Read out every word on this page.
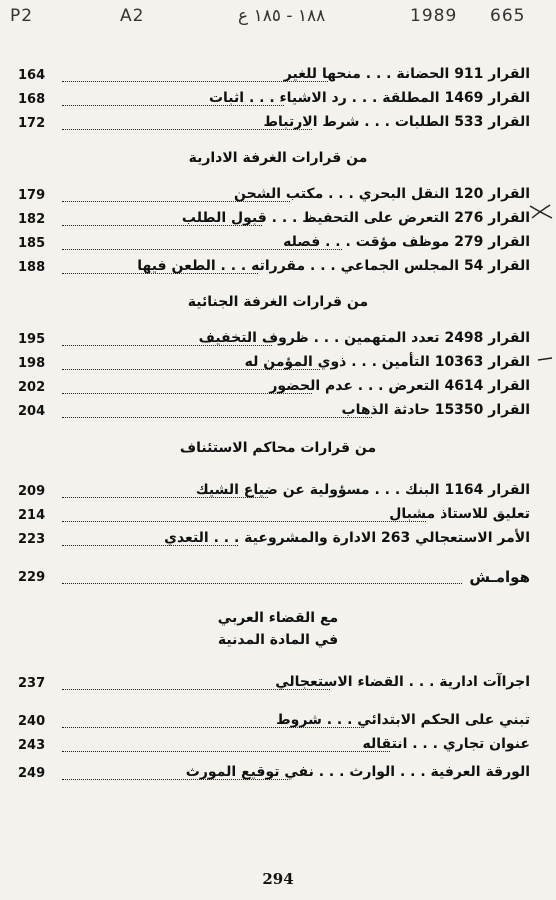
P2	A2	١٨٨ - ١٨٥ ع	1989 665
164	القرار 911 الحضانة . . . منحها للغير
168	القرار 1469 المطلقة . . . رد الاشياء . . . اثبات
172	القرار 533 الطلبات . . . شرط الارتباط
من قرارات الغرفة الادارية
179	القرار 120 النقل البحري . . . مكتب الشحن
182	القرار 276 التعرض على التحفيظ . . . قبول الطلب
185	القرار 279 موظف مؤقت . . . فصله
188	القرار 54 المجلس الجماعي . . . مقرراته . . . الطعن فيها
من قرارات الغرفة الجنائية
195	القرار 2498 تعدد المتهمين . . . ظروف التخفيف
198	القرار 10363 التأمين . . . ذوي المؤمن له
202	القرار 4614 التعرض . . . عدم الحضور
204	القرار 15350 حادثة الذهاب
من قرارات محاكم الاستئناف
209	القرار 1164 البنك . . . مسؤولية عن ضياع الشيك
214	تعليق للاستاذ مشبال
223	الأمر الاستعجالي 263 الادارة والمشروعية . . . التعدي
229	هوامـش
مع القضاء العربي
في المادة المدنية
237	اجراآت ادارية . . . القضاء الاستعجالي
240	تبني على الحكم الابتدائي . . . شروط
243	عنوان تجاري . . . انتقاله
249	الورقة العرفية . . . الوارث . . . نفي توقيع المورث
294
